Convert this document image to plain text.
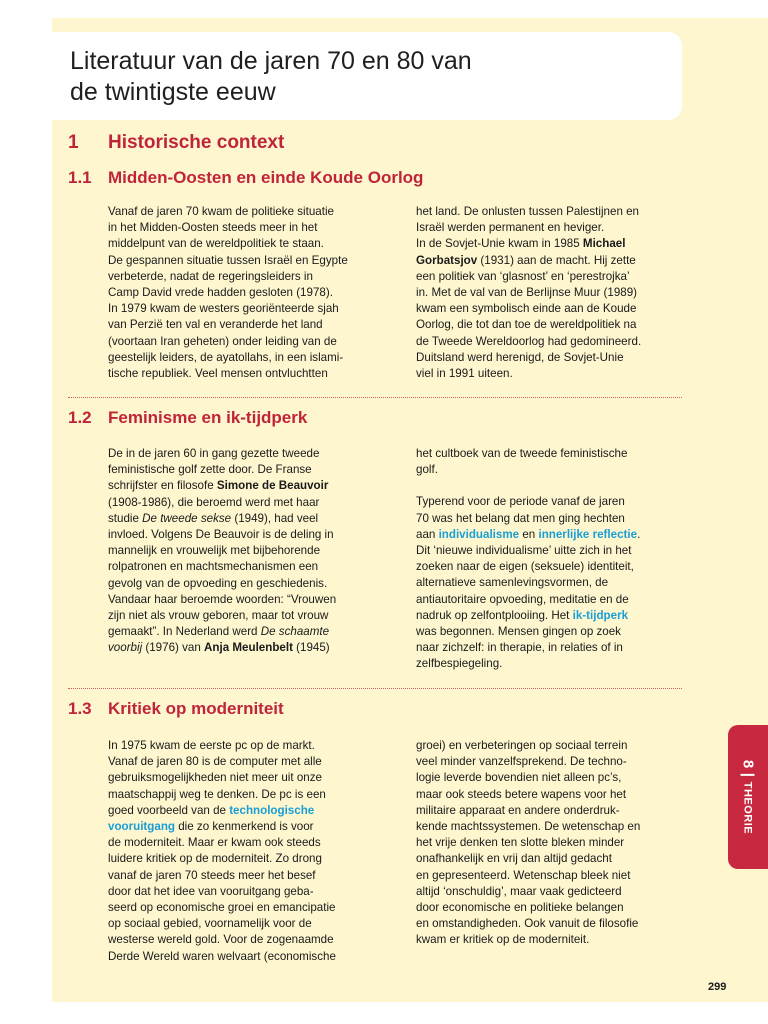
Literatuur van de jaren 70 en 80 van
de twintigste eeuw
1 Historische context
1.1 Midden-Oosten en einde Koude Oorlog

Vanaf de jaren 70 kwam de politieke situatie

in het Midden-Oosten steeds meer in het

middelpunt van de wereldpolitiek te staan.

De gespannen situatie tussen Israël en Egypte

verbeterde, nadat de regeringsleiders in

Camp David vrede hadden gesloten (1978).

In 1979 kwam de westers georiënteerde sjah

van Perzië ten val en veranderde het land

(voortaan Iran geheten) onder leiding van de

geestelijk leiders, de ayatollahs, in een islami-

tische republiek. Veel mensen ontvluchtten

het land. De onlusten tussen Palestijnen en

Israël werden permanent en heviger.

In de Sovjet-Unie kwam in 1985 Michael

Gorbatsjov (1931) aan de macht. Hij zette

een politiek van ‘glasnost’ en ‘perestrojka’

in. Met de val van de Berlijnse Muur (1989)

kwam een symbolisch einde aan de Koude

Oorlog, die tot dan toe de wereldpolitiek na

de Tweede Wereldoorlog had gedomineerd.

Duitsland werd herenigd, de Sovjet-Unie

viel in 1991 uiteen.

1.2 Feminisme en ik-tijdperk

De in de jaren 60 in gang gezette tweede

feministische golf zette door. De Franse

schrijfster en filosofe Simone de Beauvoir

(1908-1986), die beroemd werd met haar

studie De tweede sekse (1949), had veel

invloed. Volgens De Beauvoir is de deling in

mannelijk en vrouwelijk met bijbehorende

rolpatronen en machtsmechanismen een

gevolg van de opvoeding en geschiedenis.

Vandaar haar beroemde woorden: “Vrouwen

zijn niet als vrouw geboren, maar tot vrouw

gemaakt”. In Nederland werd De schaamte

voorbij (1976) van Anja Meulenbelt (1945)

het cultboek van de tweede feministische

golf.

Typerend voor de periode vanaf de jaren

70 was het belang dat men ging hechten

aan individualisme en innerlijke reflectie.

Dit ‘nieuwe individualisme’ uitte zich in het

zoeken naar de eigen (seksuele) identiteit,

alternatieve samenlevingsvormen, de

antiautoritaire opvoeding, meditatie en de

nadruk op zelfontplooiing. Het ik-tijdperk

was begonnen. Mensen gingen op zoek

naar zichzelf: in therapie, in relaties of in

zelfbespiegeling.

1.3 Kritiek op moderniteit

In 1975 kwam de eerste pc op de markt.

Vanaf de jaren 80 is de computer met alle

gebruiksmogelijkheden niet meer uit onze

maatschappij weg te denken. De pc is een

goed voorbeeld van de technologische

vooruitgang die zo kenmerkend is voor

de moderniteit. Maar er kwam ook steeds

luidere kritiek op de moderniteit. Zo drong

vanaf de jaren 70 steeds meer het besef

door dat het idee van vooruitgang geba-

seerd op economische groei en emancipatie

op sociaal gebied, voornamelijk voor de

westerse wereld gold. Voor de zogenaamde

Derde Wereld waren welvaart (economische

groei) en verbeteringen op sociaal terrein

veel minder vanzelfsprekend. De techno-

logie leverde bovendien niet alleen pc’s,

maar ook steeds betere wapens voor het

militaire apparaat en andere onderdruk-

kende machtssystemen. De wetenschap en

het vrije denken ten slotte bleken minder

onafhankelijk en vrij dan altijd gedacht

en gepresenteerd. Wetenschap bleek niet

altijd ‘onschuldig’, maar vaak gedicteerd

door economische en politieke belangen

en omstandigheden. Ook vanuit de filosofie

kwam er kritiek op de moderniteit.

8
THEORIE
299
